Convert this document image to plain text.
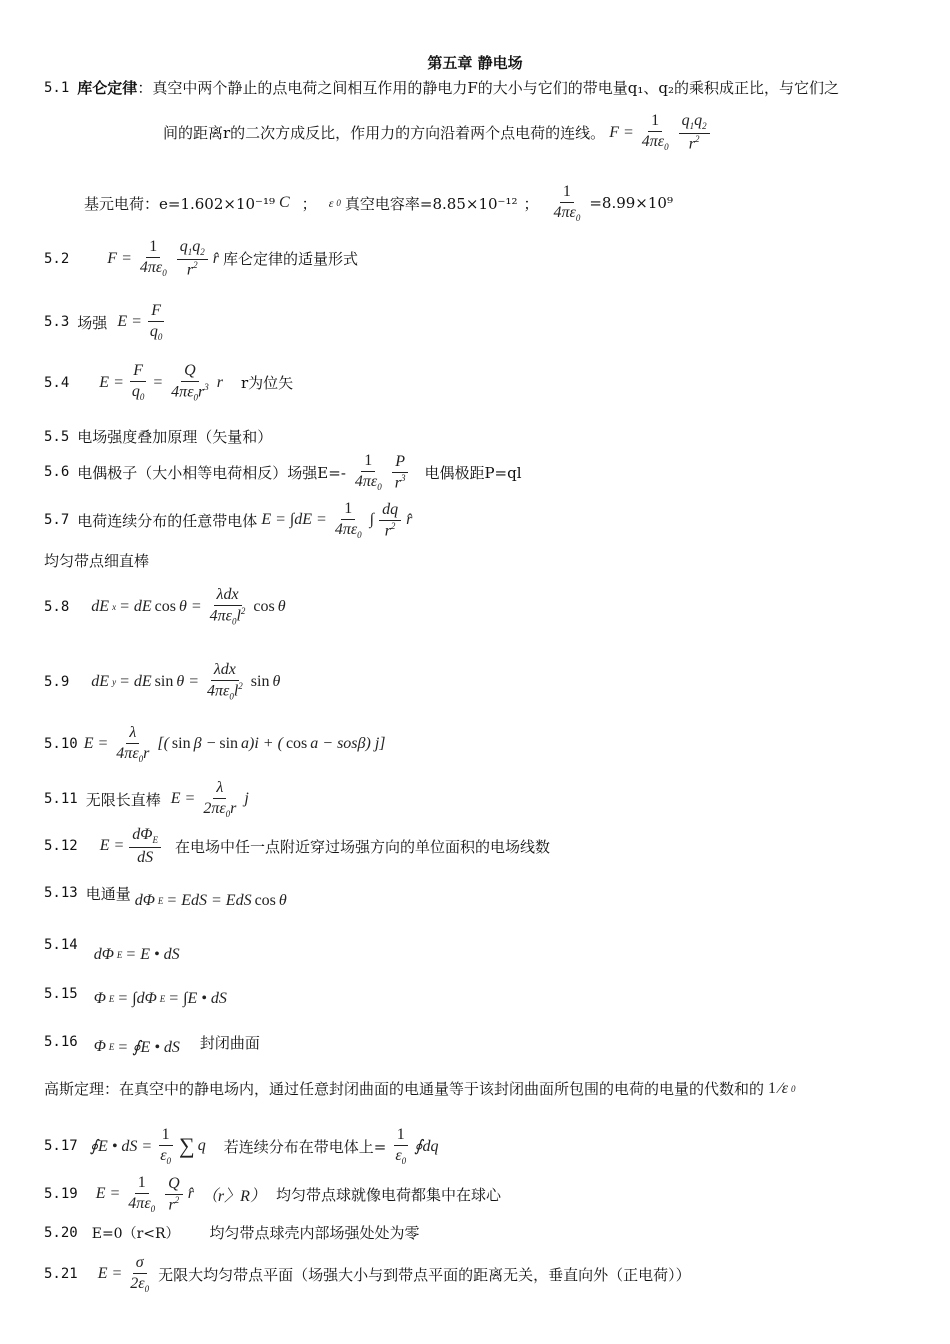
第五章 静电场
5.1 库仑定律 ：真空中两个静止的点电荷之间相互作用的静电力F的大小与它们的带电量q₁、q₂的乘积成正比，与它们之
间的距离r的二次方成反比，作用力的方向沿着两个点电荷的连线。 F =
1
$4\pi\varepsilon_0$
$q_1q_2$
$r^2$
基元电荷：e=1.602×10⁻¹⁹ C ； ε 0 真空电容率=8.85×10⁻¹² ；
1
$4\pi\varepsilon_0$
=8.99×10⁹
5.2 F =
1
$4\pi\varepsilon_0$
$q_1q_2$
$r^2$ r̂ 库仑定律的适量形式
5.3 场强 E =
F
$q_0$
5.4 E =
F
$q_0$
=
Q
$4\pi\varepsilon_0r^3$ r r为位矢
5.5 电场强度叠加原理（矢量和）
5.6 电偶极子（大小相等电荷相反）场强E=-
1
$4\pi\varepsilon_0$
P
$r^3$ 电偶极距P=ql
5.7 电荷连续分布的任意带电体 E = ∫dE =
1
$4\pi\varepsilon_0$
∫
dq
$r^2$ r̂
均匀带点细直棒
5.8 dE x = dE cos θ =
λdx
$4\pi\varepsilon_0l^2$ cos θ
5.9 dE y = dE sin θ =
λdx
$4\pi\varepsilon_0l^2$ sin θ
5.10 E =
λ
$4\pi\varepsilon_0r$
[( sin β − sin a)i + ( cos a − sosβ) j]
5.11 无限长直棒 E =
λ
$2\pi\varepsilon_0r$
j
5.12 E =
$d\Phi_E$
dS
在电场中任一点附近穿过场强方向的单位面积的电场线数
5.13 电通量 dΦ E = EdS = EdS cos θ
5.14
dΦ E = E • dS
5.15 Φ E = ∫dΦ E = ∫E • dS
5.16 Φ E = ∮E • dS 封闭曲面
高斯定理：在真空中的静电场内，通过任意封闭曲面的电通量等于该封闭曲面所包围的电荷的电量的代数和的 1 ⁄ε 0
5.17 ∮E • dS =
1
$\varepsilon_0$
∑ q 若连续分布在带电体上=
1
$\varepsilon_0$
∮dq
5.19 E =
1
$4\pi\varepsilon_0$
Q
$r^2$ r̂ （r〉R） 均匀带点球就像电荷都集中在球心
5.20 E=0（r<R） 均匀带点球壳内部场强处处为零
5.21 E =
σ
$2\varepsilon_0$
无限大均匀带点平面（场强大小与到带点平面的距离无关，垂直向外（正电荷））
